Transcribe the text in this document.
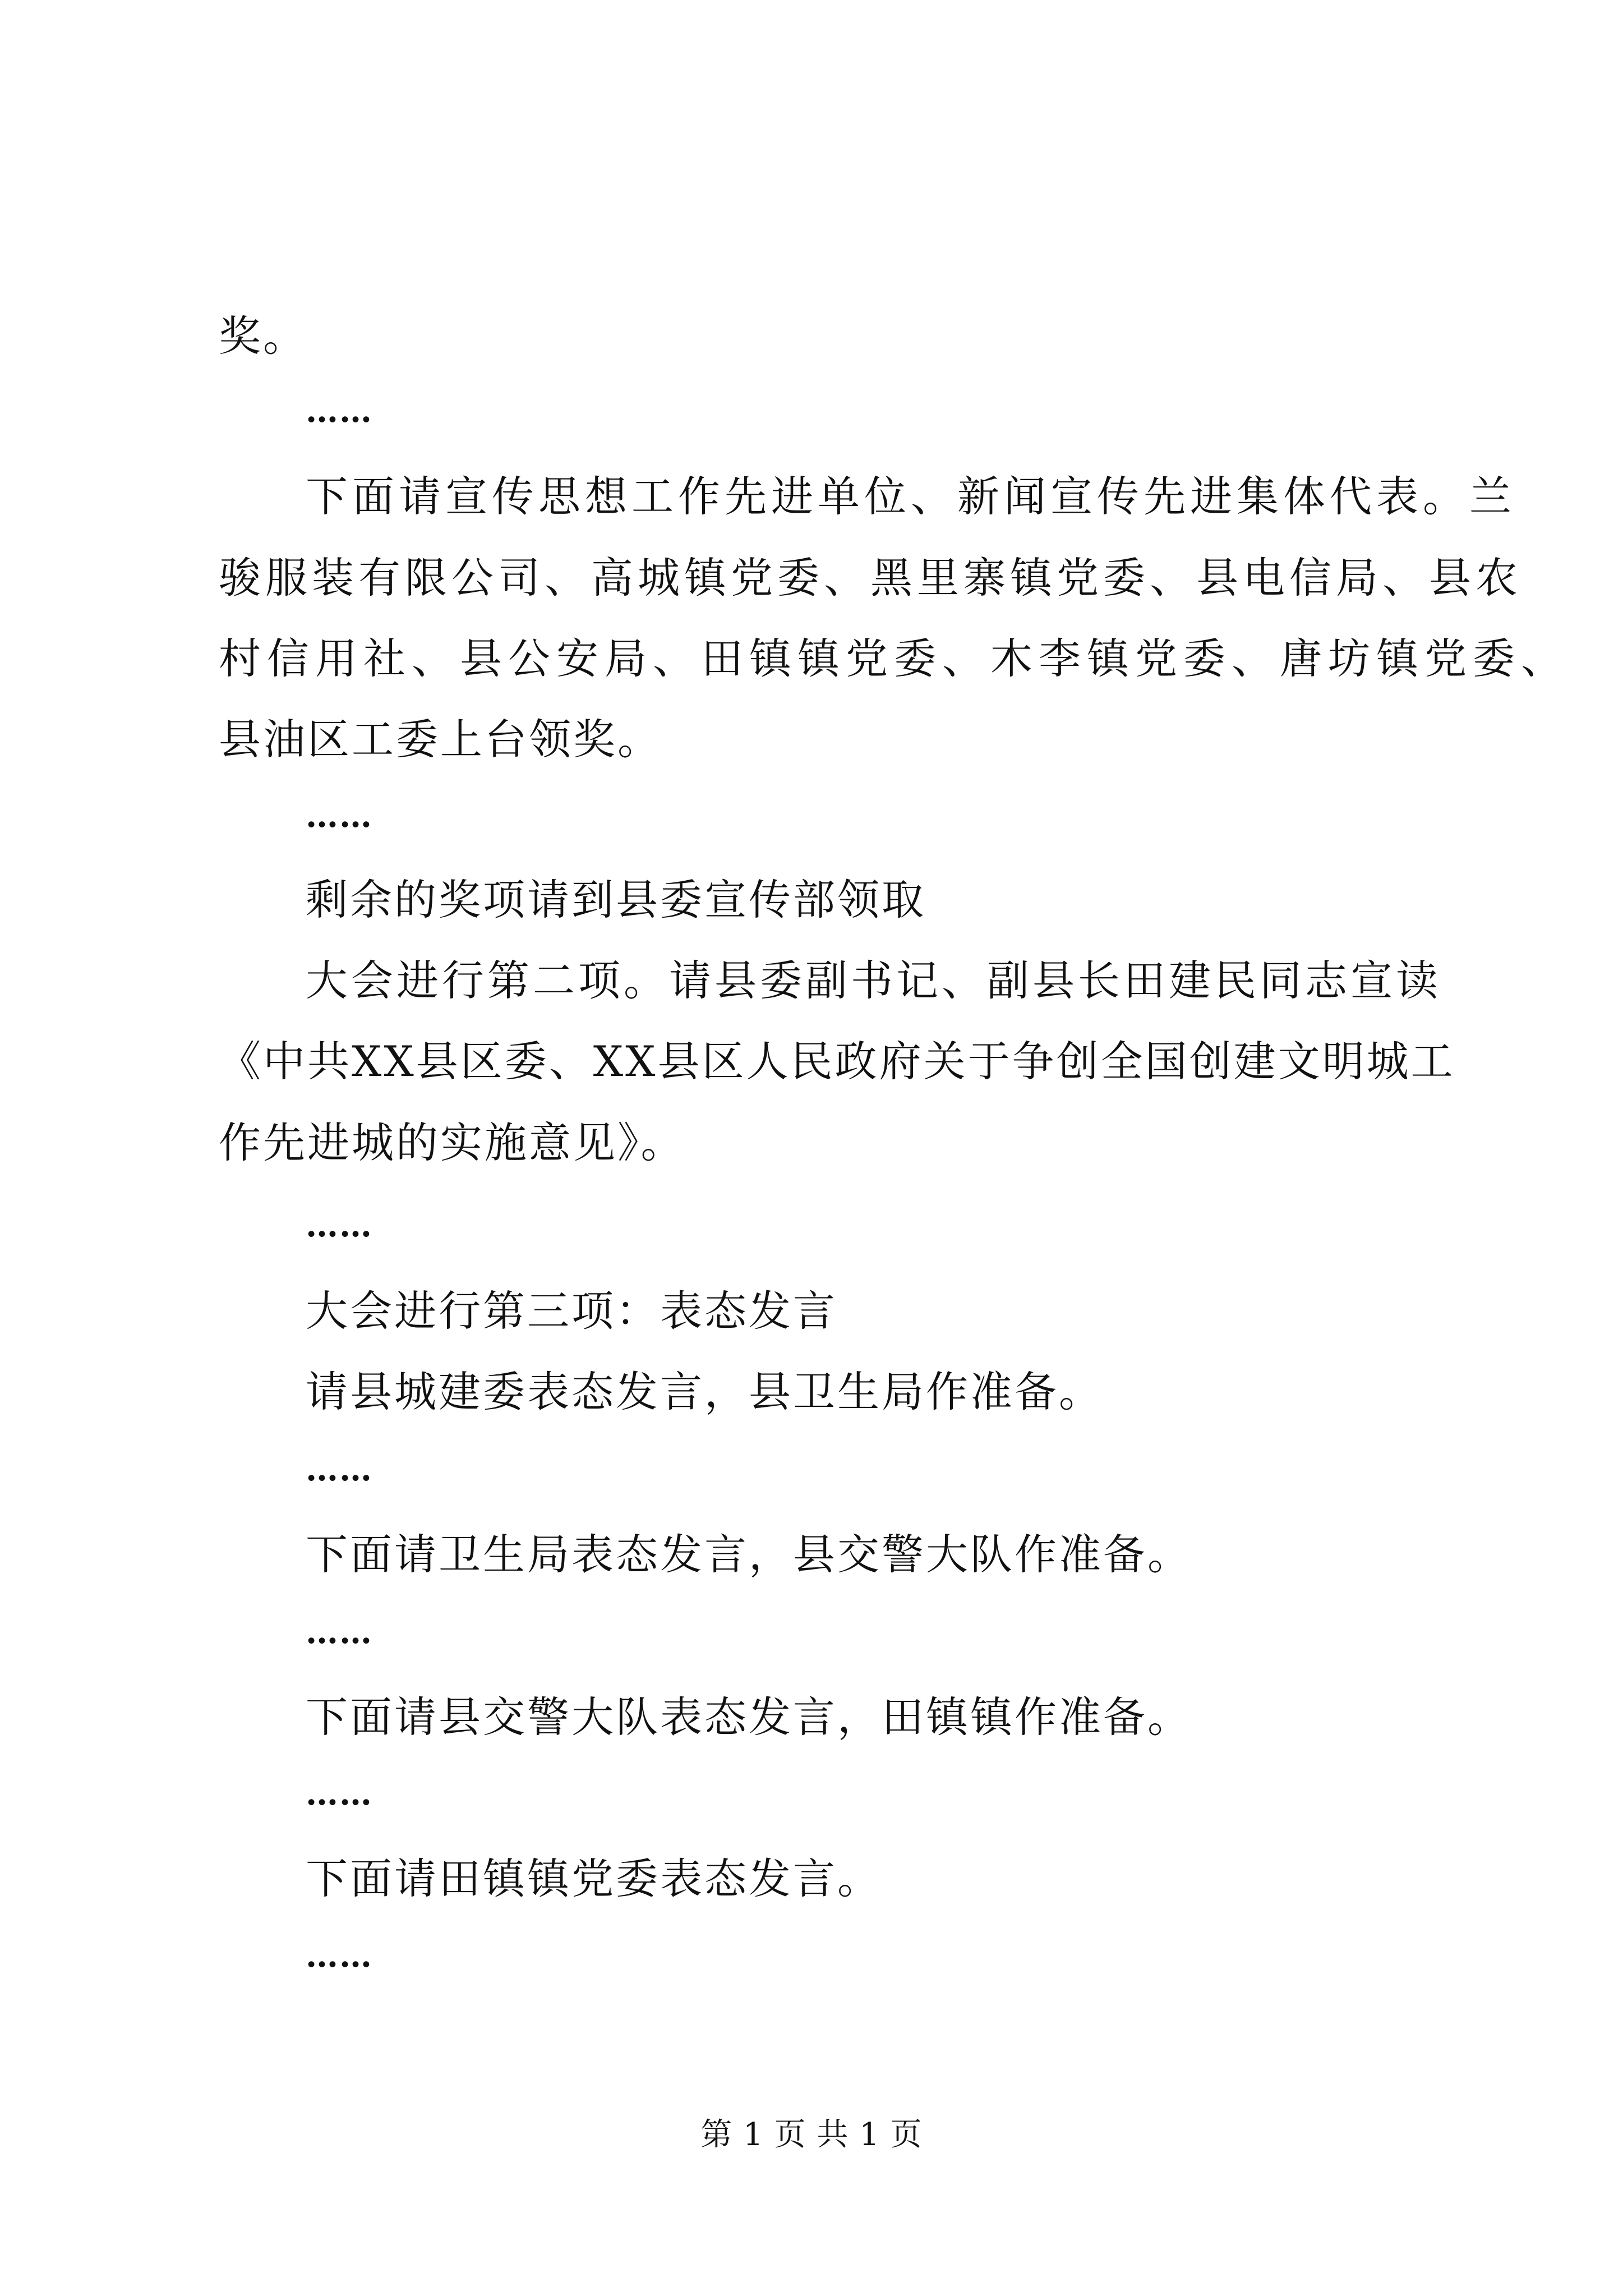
奖。
……
下面请宣传思想工作先进单位、新闻宣传先进集体代表。兰
骏服装有限公司、高城镇党委、黑里寨镇党委、县电信局、县农
村信用社、县公安局、田镇镇党委、木李镇党委、唐坊镇党委、
县油区工委上台领奖。
……
剩余的奖项请到县委宣传部领取
大会进行第二项。请县委副书记、副县长田建民同志宣读
《中共XX县区委、XX县区人民政府关于争创全国创建文明城工
作先进城的实施意见》。
……
大会进行第三项：表态发言
请县城建委表态发言，县卫生局作准备。
……
下面请卫生局表态发言，县交警大队作准备。
……
下面请县交警大队表态发言，田镇镇作准备。
……
下面请田镇镇党委表态发言。
……
第 1 页 共 1 页
